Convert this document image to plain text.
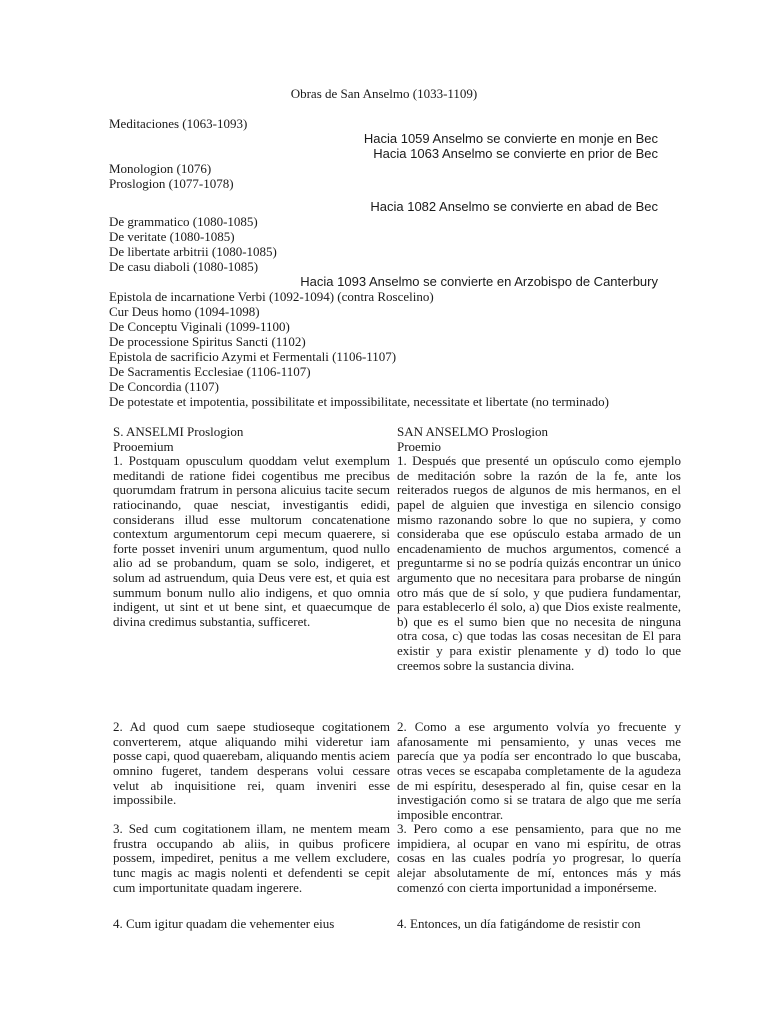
Obras de San Anselmo (1033-1109)
Meditaciones (1063-1093)
Hacia 1059 Anselmo se convierte en monje en Bec
Hacia 1063 Anselmo se convierte en prior de Bec
Monologion (1076)
Proslogion (1077-1078)
Hacia 1082 Anselmo se convierte en abad de Bec
De grammatico (1080-1085)
De veritate (1080-1085)
De libertate arbitrii (1080-1085)
De casu diaboli (1080-1085)
Hacia 1093 Anselmo se convierte en Arzobispo de Canterbury
Epistola de incarnatione Verbi (1092-1094) (contra Roscelino)
Cur Deus homo (1094-1098)
De Conceptu Viginali (1099-1100)
De processione Spiritus Sancti (1102)
Epistola de sacrificio Azymi et Fermentali (1106-1107)
De Sacramentis Ecclesiae (1106-1107)
De Concordia (1107)
De potestate et impotentia, possibilitate et impossibilitate, necessitate et libertate (no terminado)
S. ANSELMI Proslogion
Prooemium
1. Postquam opusculum quoddam velut exemplum meditandi de ratione fidei cogentibus me precibus quorumdam fratrum in persona alicuius tacite secum ratiocinando, quae nesciat, investigantis edidi, considerans illud esse multorum concatenatione contextum argumentorum cepi mecum quaerere, si forte posset inveniri unum argumentum, quod nullo alio ad se probandum, quam se solo, indigeret, et solum ad astruendum, quia Deus vere est, et quia est summum bonum nullo alio indigens, et quo omnia indigent, ut sint et ut bene sint, et quaecumque de divina credimus substantia, sufficeret.
2. Ad quod cum saepe studioseque cogitationem converterem, atque aliquando mihi videretur iam posse capi, quod quaerebam, aliquando mentis aciem omnino fugeret, tandem desperans volui cessare velut ab inquisitione rei, quam inveniri esse impossibile.
3. Sed cum cogitationem illam, ne mentem meam frustra occupando ab aliis, in quibus proficere possem, impediret, penitus a me vellem excludere, tunc magis ac magis nolenti et defendenti se cepit cum importunitate quadam ingerere.
4. Cum igitur quadam die vehementer eius
SAN ANSELMO Proslogion
Proemio
1. Después que presenté un opúsculo como ejemplo de meditación sobre la razón de la fe, ante los reiterados ruegos de algunos de mis hermanos, en el papel de alguien que investiga en silencio consigo mismo razonando sobre lo que no supiera, y como consideraba que ese opúsculo estaba armado de un encadenamiento de muchos argumentos, comencé a preguntarme si no se podría quizás encontrar un único argumento que no necesitara para probarse de ningún otro más que de sí solo, y que pudiera fundamentar, para establecerlo él solo, a) que Dios existe realmente, b) que es el sumo bien que no necesita de ninguna otra cosa, c) que todas las cosas necesitan de El para existir y para existir plenamente y d) todo lo que creemos sobre la sustancia divina.
2. Como a ese argumento volvía yo frecuente y afanosamente mi pensamiento, y unas veces me parecía que ya podía ser encontrado lo que buscaba, otras veces se escapaba completamente de la agudeza de mi espíritu, desesperado al fin, quise cesar en la investigación como si se tratara de algo que me sería imposible encontrar.
3. Pero como a ese pensamiento, para que no me impidiera, al ocupar en vano mi espíritu, de otras cosas en las cuales podría yo progresar, lo quería alejar absolutamente de mí, entonces más y más comenzó con cierta importunidad a imponérseme.
4. Entonces, un día fatigándome de resistir con
